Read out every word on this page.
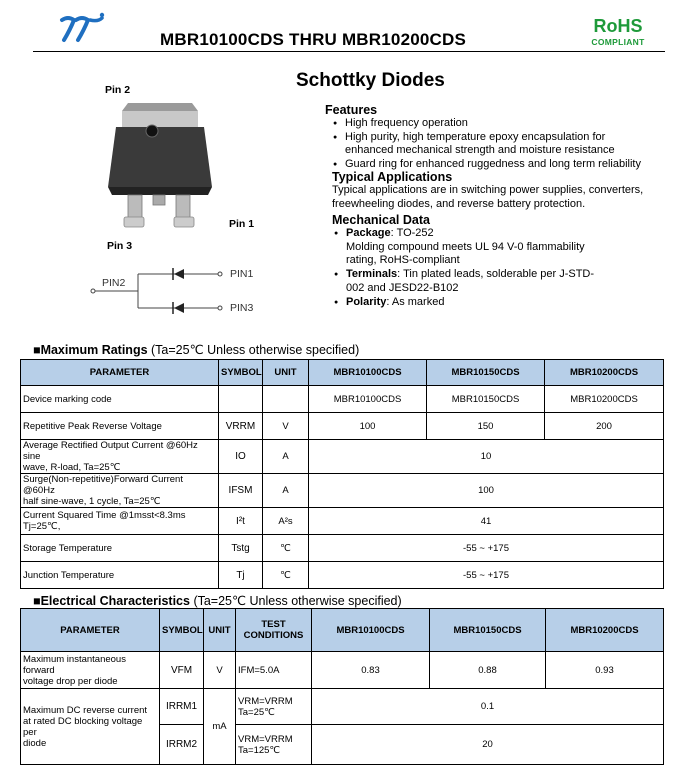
MBR10100CDS THRU MBR10200CDS
RoHS
COMPLIANT
Pin 2
Pin 1
Pin 3
PIN2
PIN1
PIN3
Schottky Diodes
Features
● High frequency operation
● High purity, high temperature epoxy encapsulation for
enhanced mechanical strength and moisture resistance
● Guard ring for enhanced ruggedness and long term reliability
Typical Applications
Typical applications are in switching power supplies, converters,
freewheeling diodes, and reverse battery protection.
Mechanical Data
● Package: TO-252
Molding compound meets UL 94 V-0 flammability
rating, RoHS-compliant
● Terminals: Tin plated leads, solderable per J-STD-
002 and JESD22-B102
● Polarity: As marked
■Maximum Ratings (Ta=25℃ Unless otherwise specified)
PARAMETER	SYMBOL	UNIT	MBR10100CDS	MBR10150CDS	MBR10200CDS
Device marking code			MBR10100CDS	MBR10150CDS	MBR10200CDS
Repetitive Peak Reverse Voltage	VRRM	V	100	150	200
Average Rectified Output Current @60Hz sine
wave, R-load, Ta=25℃	IO	A	10		
Surge(Non-repetitive)Forward Current @60Hz
half sine-wave, 1 cycle, Ta=25℃	IFSM	A	100		
Current Squared Time @1msst<8.3ms
Tj=25℃,	I²t	A²s	41		
Storage Temperature	Tstg	℃	-55 ~ +175		
Junction Temperature	Tj	℃	-55 ~ +175		
■Electrical Characteristics (Ta=25℃ Unless otherwise specified)
PARAMETER	SYMBOL	UNIT	TEST
CONDITIONS	MBR10100CDS	MBR10150CDS	MBR10200CDS
Maximum instantaneous forward
voltage drop per diode	VFM	V	IFM=5.0A	0.83	0.88	0.93
Maximum DC reverse current
at rated DC blocking voltage per
diode	IRRM1	mA	VRM=VRRM
Ta=25℃	0.1		
	IRRM2		VRM=VRRM
Ta=125℃	20		
